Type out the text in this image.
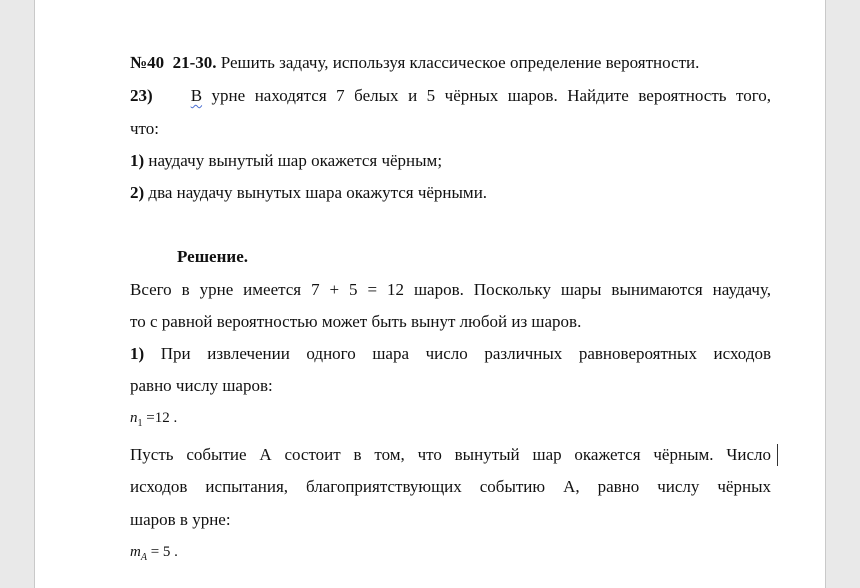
№40 21-30. Решить задачу, используя классическое определение вероятности.
23) В урне находятся 7 белых и 5 чёрных шаров. Найдите вероятность того,
что:
1) наудачу вынутый шар окажется чёрным;
2) два наудачу вынутых шара окажутся чёрными.
Решение.
Всего в урне имеется 7 + 5 = 12 шаров. Поскольку шары вынимаются наудачу,
то с равной вероятностью может быть вынут любой из шаров.
1) При извлечении одного шара число различных равновероятных исходов
равно числу шаров:
$n_1 =12$ .
Пусть событие А состоит в том, что вынутый шар окажется чёрным. Число
исходов испытания, благоприятствующих событию А, равно числу чёрных
шаров в урне:
$m_A = 5$ .
